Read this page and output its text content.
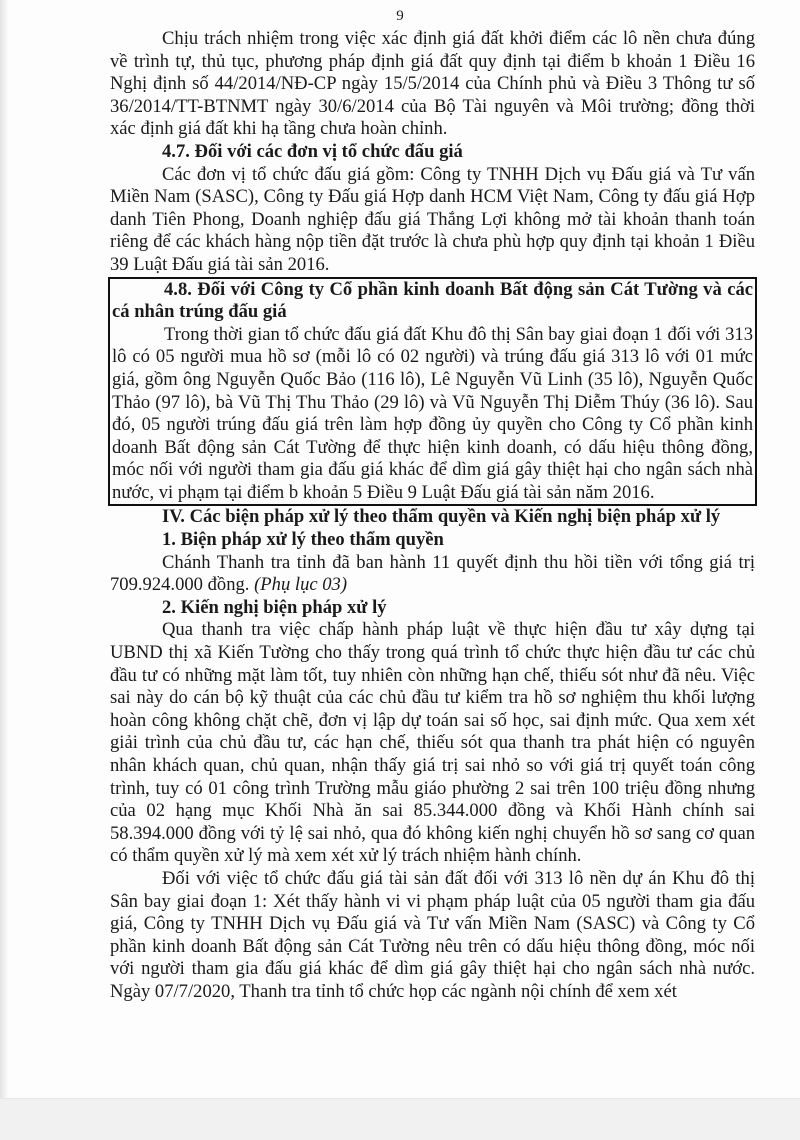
9

Chịu trách nhiệm trong việc xác định giá đất khởi điểm các lô nền chưa đúng về trình tự, thủ tục, phương pháp định giá đất quy định tại điểm b khoản 1 Điều 16 Nghị định số 44/2014/NĐ-CP ngày 15/5/2014 của Chính phủ và Điều 3 Thông tư số 36/2014/TT-BTNMT ngày 30/6/2014 của Bộ Tài nguyên và Môi trường; đồng thời xác định giá đất khi hạ tầng chưa hoàn chỉnh.

4.7. Đối với các đơn vị tổ chức đấu giá

Các đơn vị tổ chức đấu giá gồm: Công ty TNHH Dịch vụ Đấu giá và Tư vấn Miền Nam (SASC), Công ty Đấu giá Hợp danh HCM Việt Nam, Công ty đấu giá Hợp danh Tiên Phong, Doanh nghiệp đấu giá Thắng Lợi không mở tài khoản thanh toán riêng để các khách hàng nộp tiền đặt trước là chưa phù hợp quy định tại khoản 1 Điều 39 Luật Đấu giá tài sản 2016.

4.8. Đối với Công ty Cổ phần kinh doanh Bất động sản Cát Tường và các cá nhân trúng đấu giá

Trong thời gian tổ chức đấu giá đất Khu đô thị Sân bay giai đoạn 1 đối với 313 lô có 05 người mua hồ sơ (mỗi lô có 02 người) và trúng đấu giá 313 lô với 01 mức giá, gồm ông Nguyễn Quốc Bảo (116 lô), Lê Nguyễn Vũ Linh (35 lô), Nguyễn Quốc Thảo (97 lô), bà Vũ Thị Thu Thảo (29 lô) và Vũ Nguyễn Thị Diễm Thúy (36 lô). Sau đó, 05 người trúng đấu giá trên làm hợp đồng ủy quyền cho Công ty Cổ phần kinh doanh Bất động sản Cát Tường để thực hiện kinh doanh, có dấu hiệu thông đồng, móc nối với người tham gia đấu giá khác để dìm giá gây thiệt hại cho ngân sách nhà nước, vi phạm tại điểm b khoản 5 Điều 9 Luật Đấu giá tài sản năm 2016.

IV. Các biện pháp xử lý theo thẩm quyền và Kiến nghị biện pháp xử lý
1. Biện pháp xử lý theo thẩm quyền

Chánh Thanh tra tỉnh đã ban hành 11 quyết định thu hồi tiền với tổng giá trị 709.924.000 đồng. (Phụ lục 03)

2. Kiến nghị biện pháp xử lý

Qua thanh tra việc chấp hành pháp luật về thực hiện đầu tư xây dựng tại UBND thị xã Kiến Tường cho thấy trong quá trình tổ chức thực hiện đầu tư các chủ đầu tư có những mặt làm tốt, tuy nhiên còn những hạn chế, thiếu sót như đã nêu. Việc sai này do cán bộ kỹ thuật của các chủ đầu tư kiểm tra hồ sơ nghiệm thu khối lượng hoàn công không chặt chẽ, đơn vị lập dự toán sai số học, sai định mức. Qua xem xét giải trình của chủ đầu tư, các hạn chế, thiếu sót qua thanh tra phát hiện có nguyên nhân khách quan, chủ quan, nhận thấy giá trị sai nhỏ so với giá trị quyết toán công trình, tuy có 01 công trình Trường mẫu giáo phường 2 sai trên 100 triệu đồng nhưng của 02 hạng mục Khối Nhà ăn sai 85.344.000 đồng và Khối Hành chính sai 58.394.000 đồng với tỷ lệ sai nhỏ, qua đó không kiến nghị chuyển hồ sơ sang cơ quan có thẩm quyền xử lý mà xem xét xử lý trách nhiệm hành chính.

Đối với việc tổ chức đấu giá tài sản đất đối với 313 lô nền dự án Khu đô thị Sân bay giai đoạn 1: Xét thấy hành vi vi phạm pháp luật của 05 người tham gia đấu giá, Công ty TNHH Dịch vụ Đấu giá và Tư vấn Miền Nam (SASC) và Công ty Cổ phần kinh doanh Bất động sản Cát Tường nêu trên có dấu hiệu thông đồng, móc nối với người tham gia đấu giá khác để dìm giá gây thiệt hại cho ngân sách nhà nước. Ngày 07/7/2020, Thanh tra tỉnh tổ chức họp các ngành nội chính để xem xét
